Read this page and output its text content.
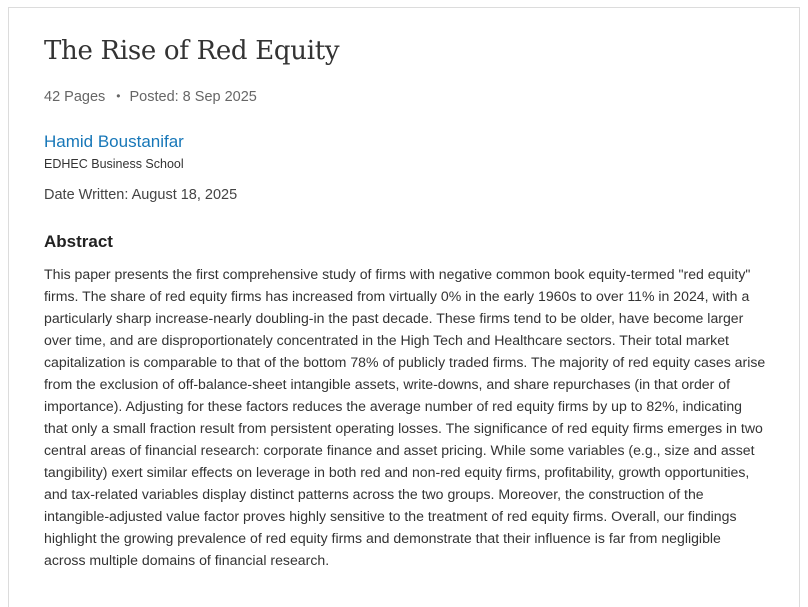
The Rise of Red Equity
42 Pages • Posted: 8 Sep 2025
Hamid Boustanifar
EDHEC Business School
Date Written: August 18, 2025
Abstract

This paper presents the first comprehensive study of firms with negative common book equity-termed "red equity" firms. The share of red equity firms has increased from virtually 0% in the early 1960s to over 11% in 2024, with a particularly sharp increase-nearly doubling-in the past decade. These firms tend to be older, have become larger over time, and are disproportionately concentrated in the High Tech and Healthcare sectors. Their total market capitalization is comparable to that of the bottom 78% of publicly traded firms. The majority of red equity cases arise from the exclusion of off-balance-sheet intangible assets, write-downs, and share repurchases (in that order of importance). Adjusting for these factors reduces the average number of red equity firms by up to 82%, indicating that only a small fraction result from persistent operating losses. The significance of red equity firms emerges in two central areas of financial research: corporate finance and asset pricing. While some variables (e.g., size and asset tangibility) exert similar effects on leverage in both red and non-red equity firms, profitability, growth opportunities, and tax-related variables display distinct patterns across the two groups. Moreover, the construction of the intangible-adjusted value factor proves highly sensitive to the treatment of red equity firms. Overall, our findings highlight the growing prevalence of red equity firms and demonstrate that their influence is far from negligible across multiple domains of financial research.
